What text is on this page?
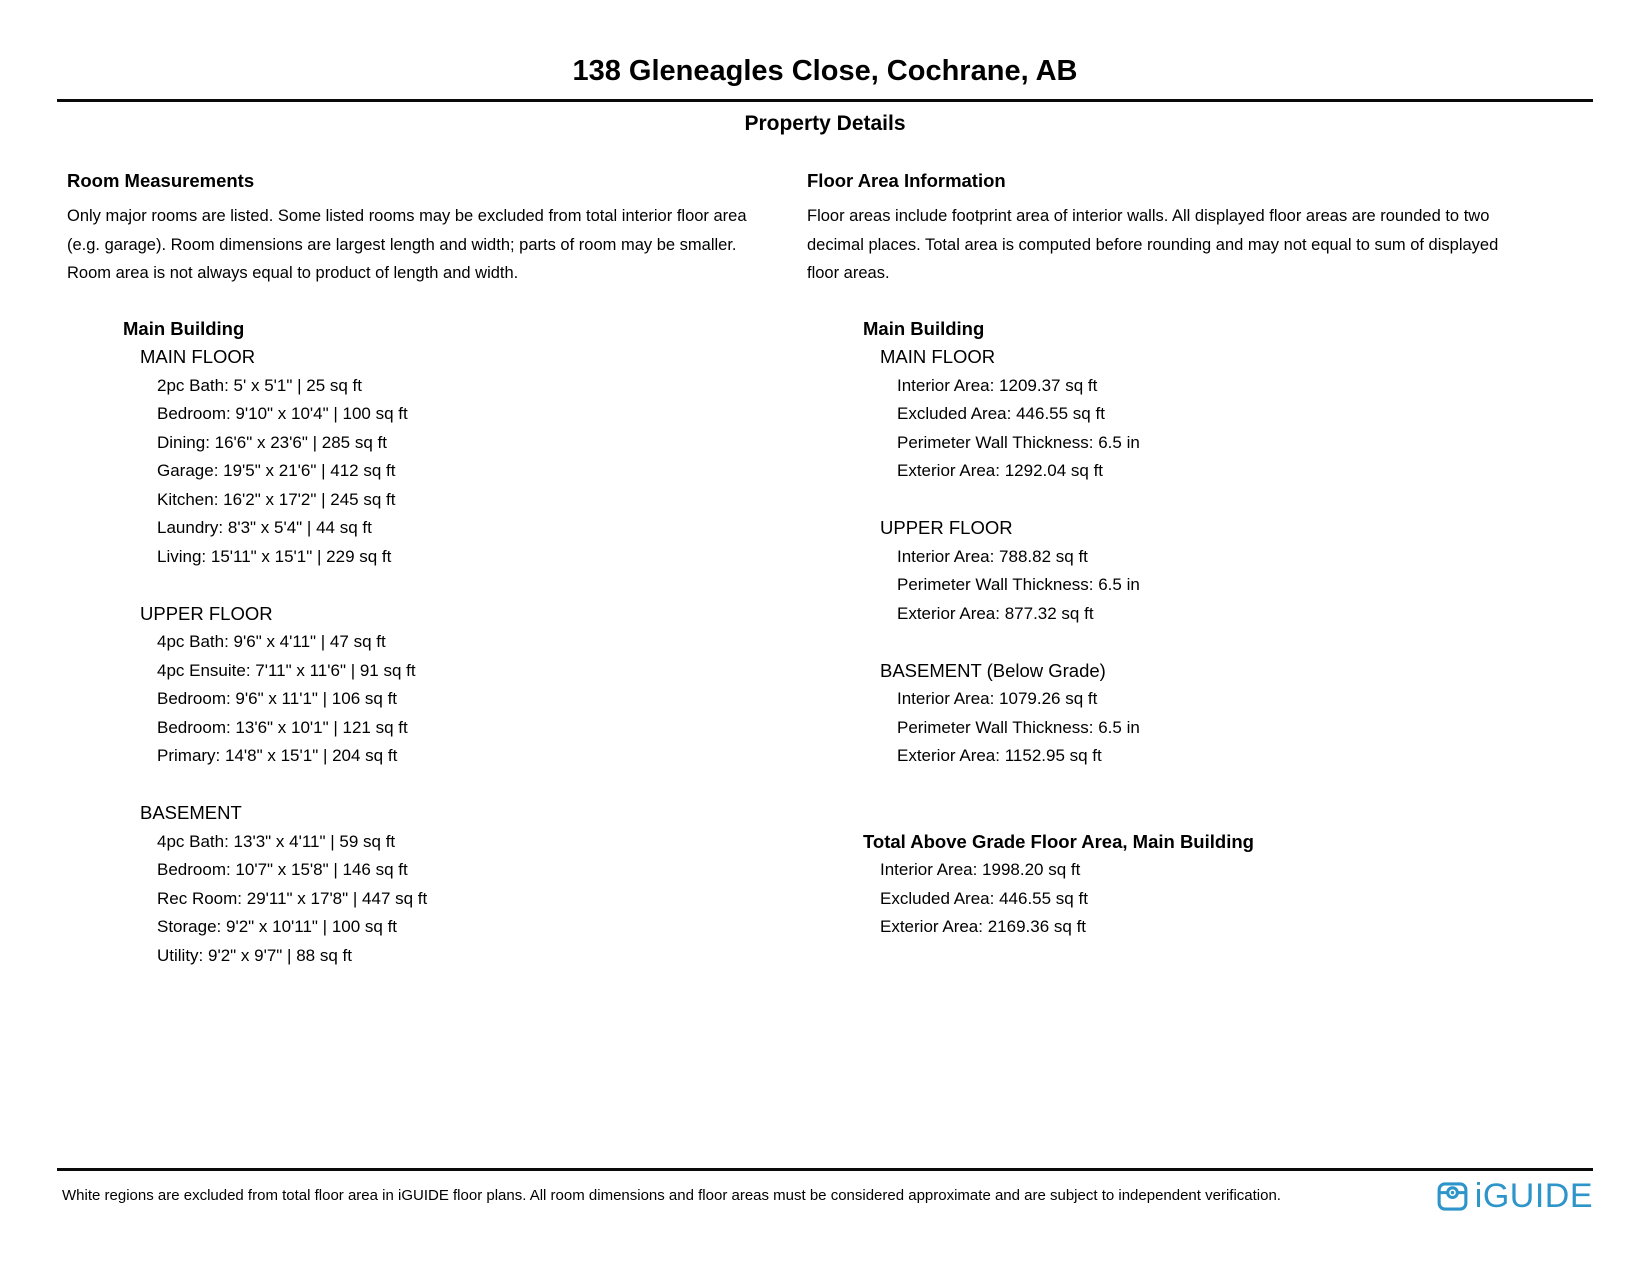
138 Gleneagles Close, Cochrane, AB
Property Details
Room Measurements

Only major rooms are listed. Some listed rooms may be excluded from total interior floor area (e.g. garage). Room dimensions are largest length and width; parts of room may be smaller. Room area is not always equal to product of length and width.

Main Building
MAIN FLOOR
2pc Bath: 5' x 5'1" | 25 sq ft
Bedroom: 9'10" x 10'4" | 100 sq ft
Dining: 16'6" x 23'6" | 285 sq ft
Garage: 19'5" x 21'6" | 412 sq ft
Kitchen: 16'2" x 17'2" | 245 sq ft
Laundry: 8'3" x 5'4" | 44 sq ft
Living: 15'11" x 15'1" | 229 sq ft
UPPER FLOOR
4pc Bath: 9'6" x 4'11" | 47 sq ft
4pc Ensuite: 7'11" x 11'6" | 91 sq ft
Bedroom: 9'6" x 11'1" | 106 sq ft
Bedroom: 13'6" x 10'1" | 121 sq ft
Primary: 14'8" x 15'1" | 204 sq ft
BASEMENT
4pc Bath: 13'3" x 4'11" | 59 sq ft
Bedroom: 10'7" x 15'8" | 146 sq ft
Rec Room: 29'11" x 17'8" | 447 sq ft
Storage: 9'2" x 10'11" | 100 sq ft
Utility: 9'2" x 9'7" | 88 sq ft
Floor Area Information

Floor areas include footprint area of interior walls. All displayed floor areas are rounded to two decimal places. Total area is computed before rounding and may not equal to sum of displayed floor areas.

Main Building
MAIN FLOOR
Interior Area: 1209.37 sq ft
Excluded Area: 446.55 sq ft
Perimeter Wall Thickness: 6.5 in
Exterior Area: 1292.04 sq ft
UPPER FLOOR
Interior Area: 788.82 sq ft
Perimeter Wall Thickness: 6.5 in
Exterior Area: 877.32 sq ft
BASEMENT (Below Grade)
Interior Area: 1079.26 sq ft
Perimeter Wall Thickness: 6.5 in
Exterior Area: 1152.95 sq ft
Total Above Grade Floor Area, Main Building
Interior Area: 1998.20 sq ft
Excluded Area: 446.55 sq ft
Exterior Area: 2169.36 sq ft
White regions are excluded from total floor area in iGUIDE floor plans. All room dimensions and floor areas must be considered approximate and are subject to independent verification.	iGUIDE
